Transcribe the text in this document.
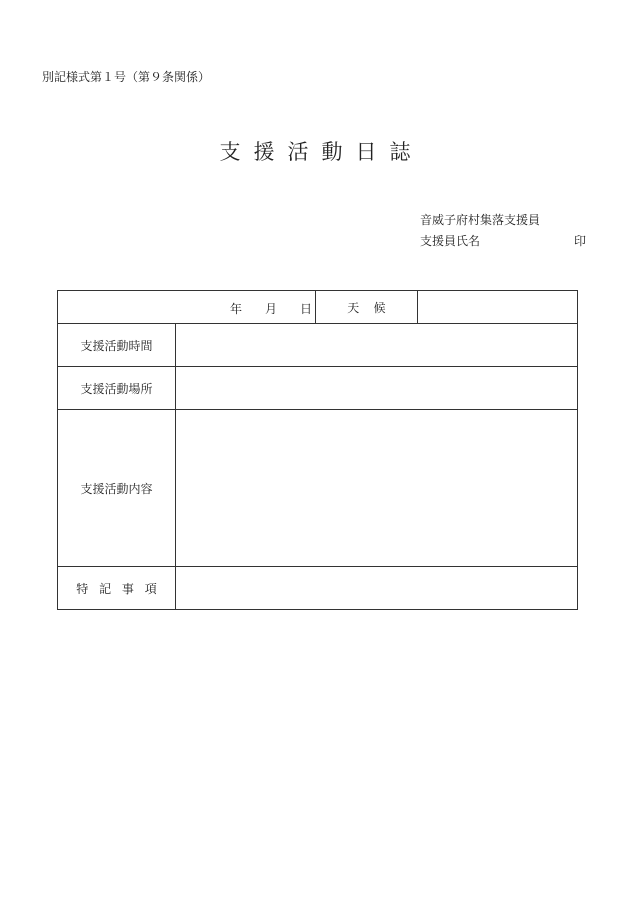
別記様式第１号（第９条関係）
支援活動日誌
音威子府村集落支援員
支援員氏名	印
年 月 日		天候	
支援活動時間			
支援活動場所			
支援活動内容			
特記事項			
